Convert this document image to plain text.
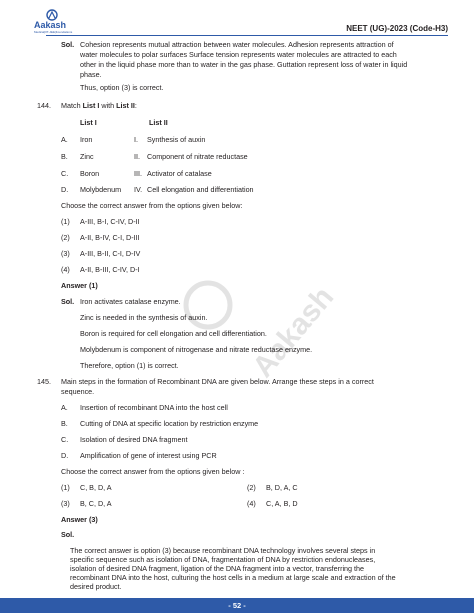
Aakash
Medical|IIT-JEE|Foundations	NEET (UG)-2023 (Code-H3)
Aakash
Sol. Cohesion represents mutual attraction between water molecules. Adhesion represents attraction of
water molecules to polar surfaces Surface tension represents water molecules are attracted to each
other in the liquid phase more than to water in the gas phase. Guttation represent loss of water in liquid
phase.
Thus, option (3) is correct.
144. Match List I with List II:
List I	List II
A. Iron	I. Synthesis of auxin
B. Zinc	II. Component of nitrate reductase
C. Boron	III. Activator of catalase
D. Molybdenum IV. Cell elongation and differentiation
Choose the correct answer from the options given below:
(1) A-III, B-I, C-IV, D-II
(2) A-II, B-IV, C-I, D-III
(3) A-III, B-II, C-I, D-IV
(4) A-II, B-III, C-IV, D-I
Answer (1)
Sol. Iron activates catalase enzyme.
Zinc is needed in the synthesis of auxin.
Boron is required for cell elongation and cell differentiation.
Molybdenum is component of nitrogenase and nitrate reductase enzyme.
Therefore, option (1) is correct.
145. Main steps in the formation of Recombinant DNA are given below. Arrange these steps in a correct
sequence.
A. Insertion of recombinant DNA into the host cell
B. Cutting of DNA at specific location by restriction enzyme
C. Isolation of desired DNA fragment
D. Amplification of gene of interest using PCR
Choose the correct answer from the options given below :
(1) C, B, D, A	(2) B, D, A, C
(3) B, C, D, A	(4) C, A, B, D
Answer (3)
Sol.
The correct answer is option (3) because recombinant DNA technology involves several steps in
specific sequence such as isolation of DNA, fragmentation of DNA by restriction endonucleases,
isolation of desired DNA fragment, ligation of the DNA fragment into a vector, transferring the
recombinant DNA into the host, culturing the host cells in a medium at large scale and extraction of the
desired product.
- 52 -
